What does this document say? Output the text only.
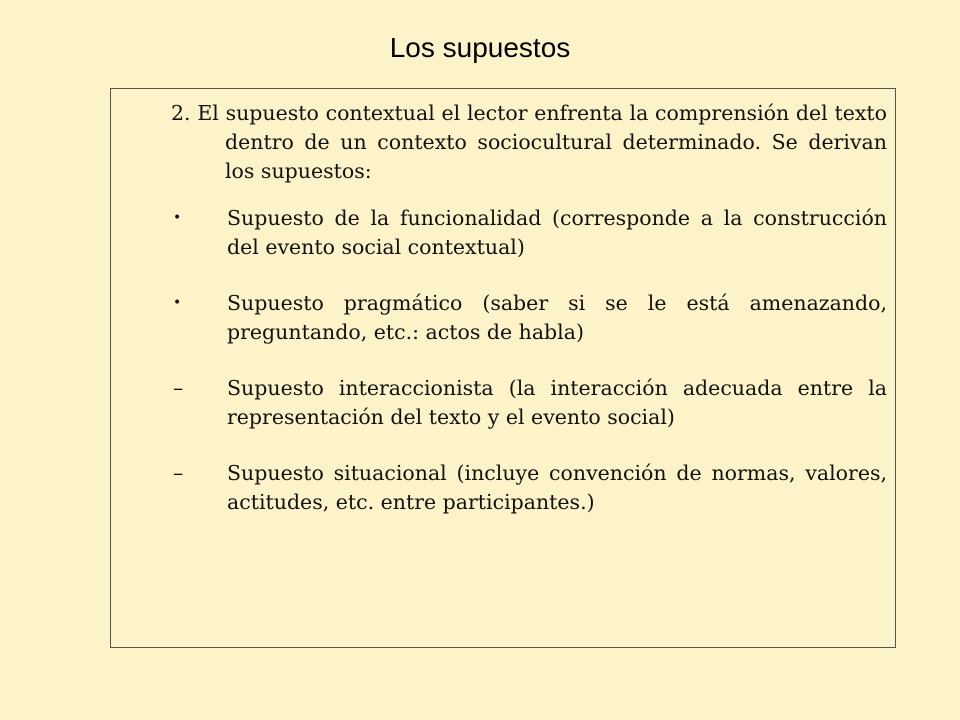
Los supuestos
2. El supuesto contextual el lector enfrenta la comprensión del texto dentro de un contexto sociocultural determinado. Se derivan los supuestos:
•	Supuesto de la funcionalidad (corresponde a la construcción del evento social contextual)
•	Supuesto pragmático (saber si se le está amenazando, preguntando, etc.: actos de habla)
–	Supuesto interaccionista (la interacción adecuada entre la representación del texto y el evento social)
–	Supuesto situacional (incluye convención de normas, valores, actitudes, etc. entre participantes.)
